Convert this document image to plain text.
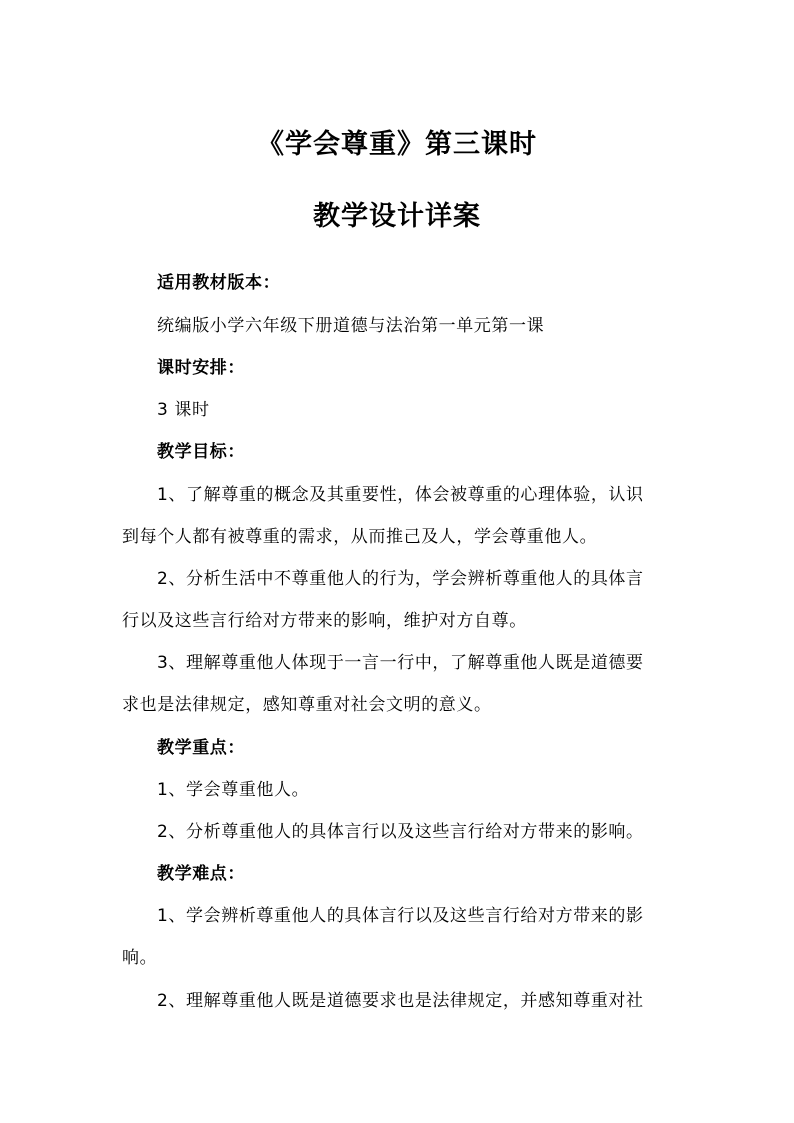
《学会尊重》第三课时
教学设计详案

适用教材版本：

统编版小学六年级下册道德与法治第一单元第一课

课时安排：

3 课时

教学目标：

1、了解尊重的概念及其重要性，体会被尊重的心理体验，认识

到每个人都有被尊重的需求，从而推己及人，学会尊重他人。

2、分析生活中不尊重他人的行为，学会辨析尊重他人的具体言

行以及这些言行给对方带来的影响，维护对方自尊。

3、理解尊重他人体现于一言一行中，了解尊重他人既是道德要

求也是法律规定，感知尊重对社会文明的意义。

教学重点：

1、学会尊重他人。

2、分析尊重他人的具体言行以及这些言行给对方带来的影响。

教学难点：

1、学会辨析尊重他人的具体言行以及这些言行给对方带来的影

响。

2、理解尊重他人既是道德要求也是法律规定，并感知尊重对社
